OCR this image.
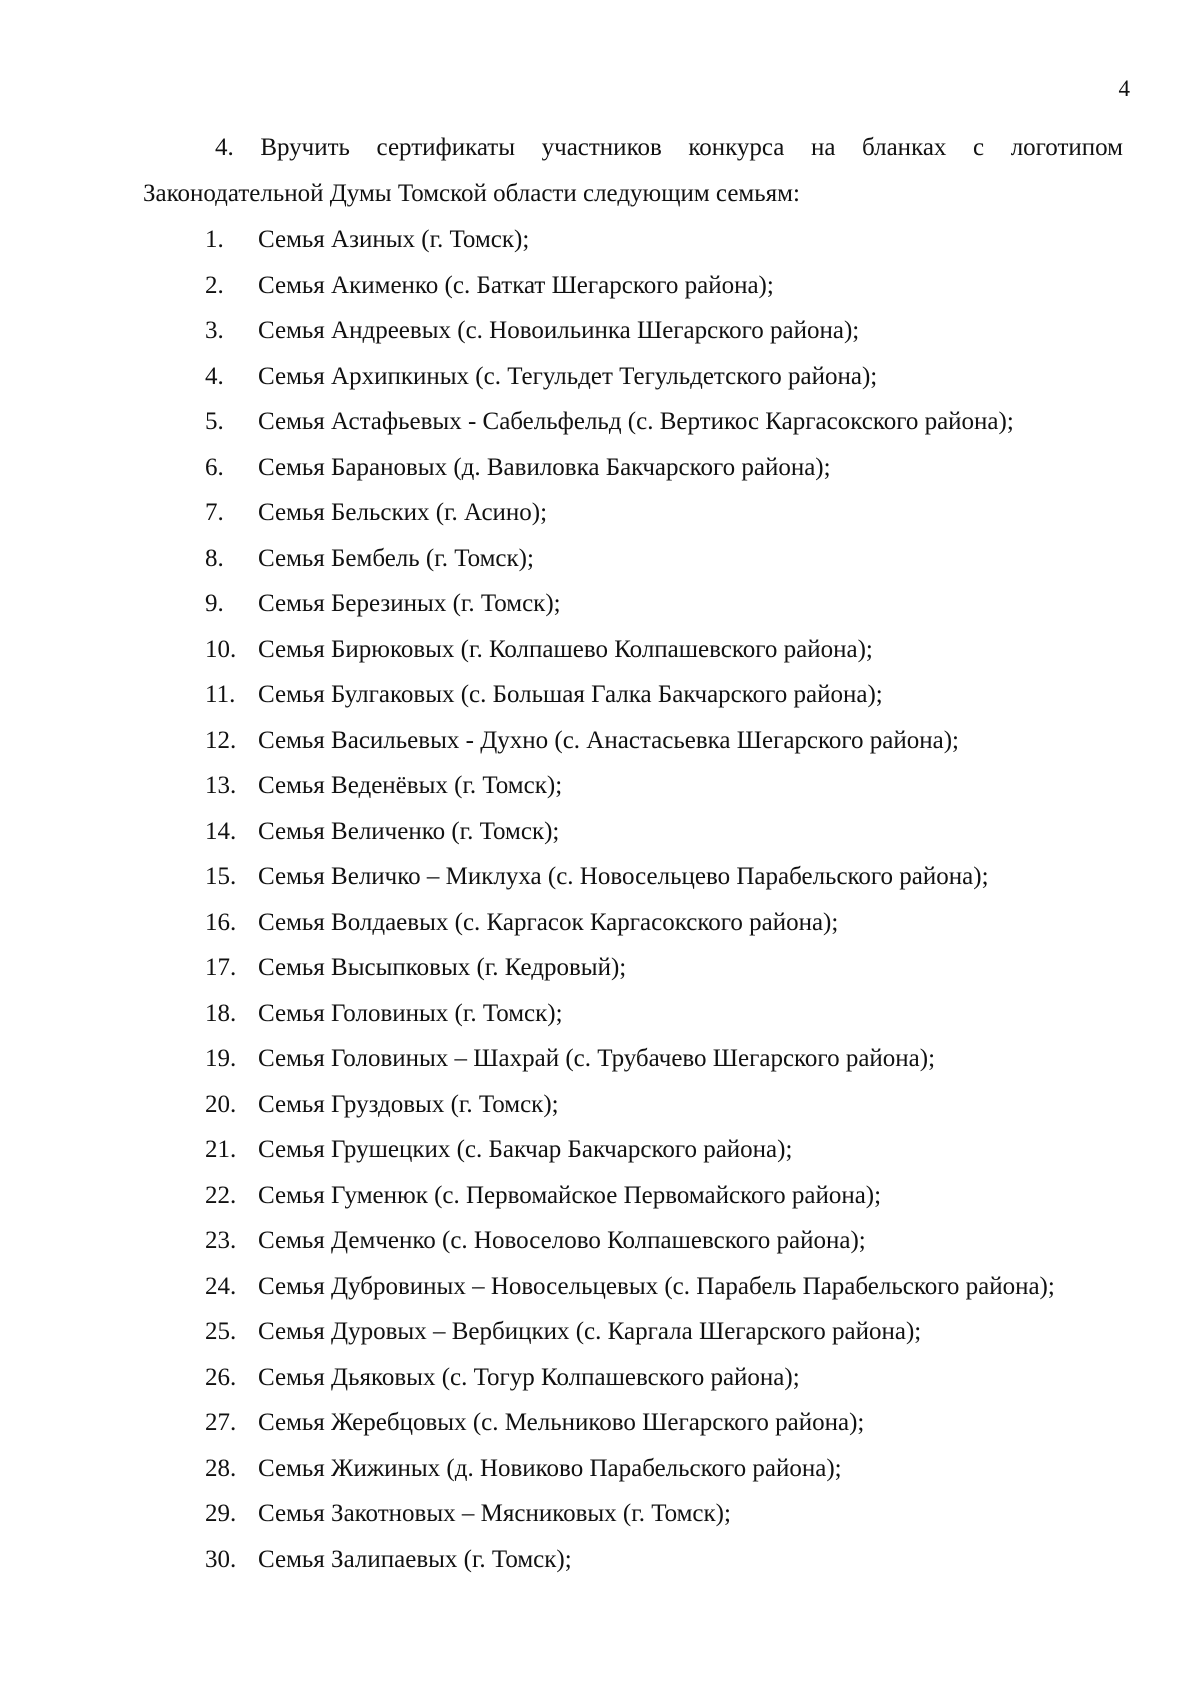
4
4. Вручить сертификаты участников конкурса на бланках с логотипом
Законодательной Думы Томской области следующим семьям:
1.	Семья Азиных (г. Томск);
2.	Семья Акименко (с. Баткат Шегарского района);
3.	Семья Андреевых (с. Новоильинка Шегарского района);
4.	Семья Архипкиных (с. Тегульдет Тегульдетского района);
5.	Семья Астафьевых - Сабельфельд (с. Вертикос Каргасокского района);
6.	Семья Барановых (д. Вавиловка Бакчарского района);
7.	Семья Бельских (г. Асино);
8.	Семья Бембель (г. Томск);
9.	Семья Березиных (г. Томск);
10. Семья Бирюковых (г. Колпашево Колпашевского района);
11. Семья Булгаковых (с. Большая Галка Бакчарского района);
12. Семья Васильевых - Духно (с. Анастасьевка Шегарского района);
13. Семья Веденёвых (г. Томск);
14. Семья Величенко (г. Томск);
15. Семья Величко – Миклуха (с. Новосельцево Парабельского района);
16. Семья Волдаевых (с. Каргасок Каргасокского района);
17. Семья Высыпковых (г. Кедровый);
18. Семья Головиных (г. Томск);
19. Семья Головиных – Шахрай (с. Трубачево Шегарского района);
20. Семья Груздовых (г. Томск);
21. Семья Грушецких (с. Бакчар Бакчарского района);
22. Семья Гуменюк (с. Первомайское Первомайского района);
23. Семья Демченко (с. Новоселово Колпашевского района);
24. Семья Дубровиных – Новосельцевых (с. Парабель Парабельского района);
25. Семья Дуровых – Вербицких (с. Каргала Шегарского района);
26. Семья Дьяковых (с. Тогур Колпашевского района);
27. Семья Жеребцовых (с. Мельниково Шегарского района);
28. Семья Жижиных (д. Новиково Парабельского района);
29. Семья Закотновых – Мясниковых (г. Томск);
30. Семья Залипаевых (г. Томск);
